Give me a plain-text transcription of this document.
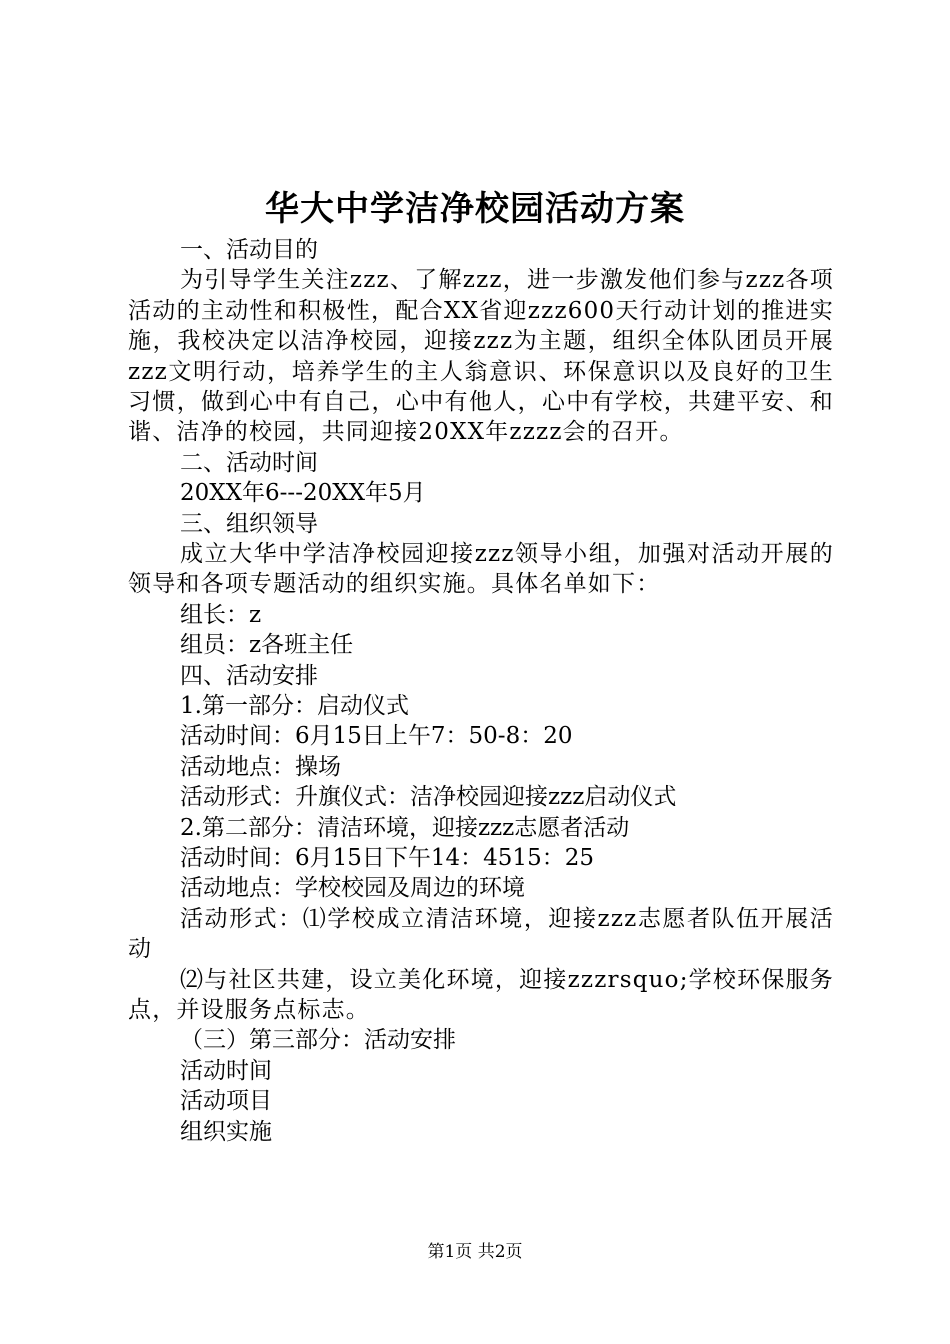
华大中学洁净校园活动方案
一、活动目的
为引导学生关注zzz、了解zzz，进一步激发他们参与zzz各项活动的主动性和积极性，配合XX省迎zzz600天行动计划的推进实施，我校决定以洁净校园，迎接zzz为主题，组织全体队团员开展zzz文明行动，培养学生的主人翁意识、环保意识以及良好的卫生习惯，做到心中有自己，心中有他人，心中有学校，共建平安、和谐、洁净的校园，共同迎接20XX年zzzz会的召开。
二、活动时间
20XX年6---20XX年5月
三、组织领导
成立大华中学洁净校园迎接zzz领导小组，加强对活动开展的领导和各项专题活动的组织实施。具体名单如下：
组长：z
组员：z各班主任
四、活动安排
1.第一部分：启动仪式
活动时间：6月15日上午7：50-8：20
活动地点：操场
活动形式：升旗仪式：洁净校园迎接zzz启动仪式
2.第二部分：清洁环境，迎接zzz志愿者活动
活动时间：6月15日下午14：4515：25
活动地点：学校校园及周边的环境
活动形式：⑴学校成立清洁环境，迎接zzz志愿者队伍开展活动
⑵与社区共建，设立美化环境，迎接zzzrsquo;学校环保服务点，并设服务点标志。
（三）第三部分：活动安排
活动时间
活动项目
组织实施
第1页 共2页
